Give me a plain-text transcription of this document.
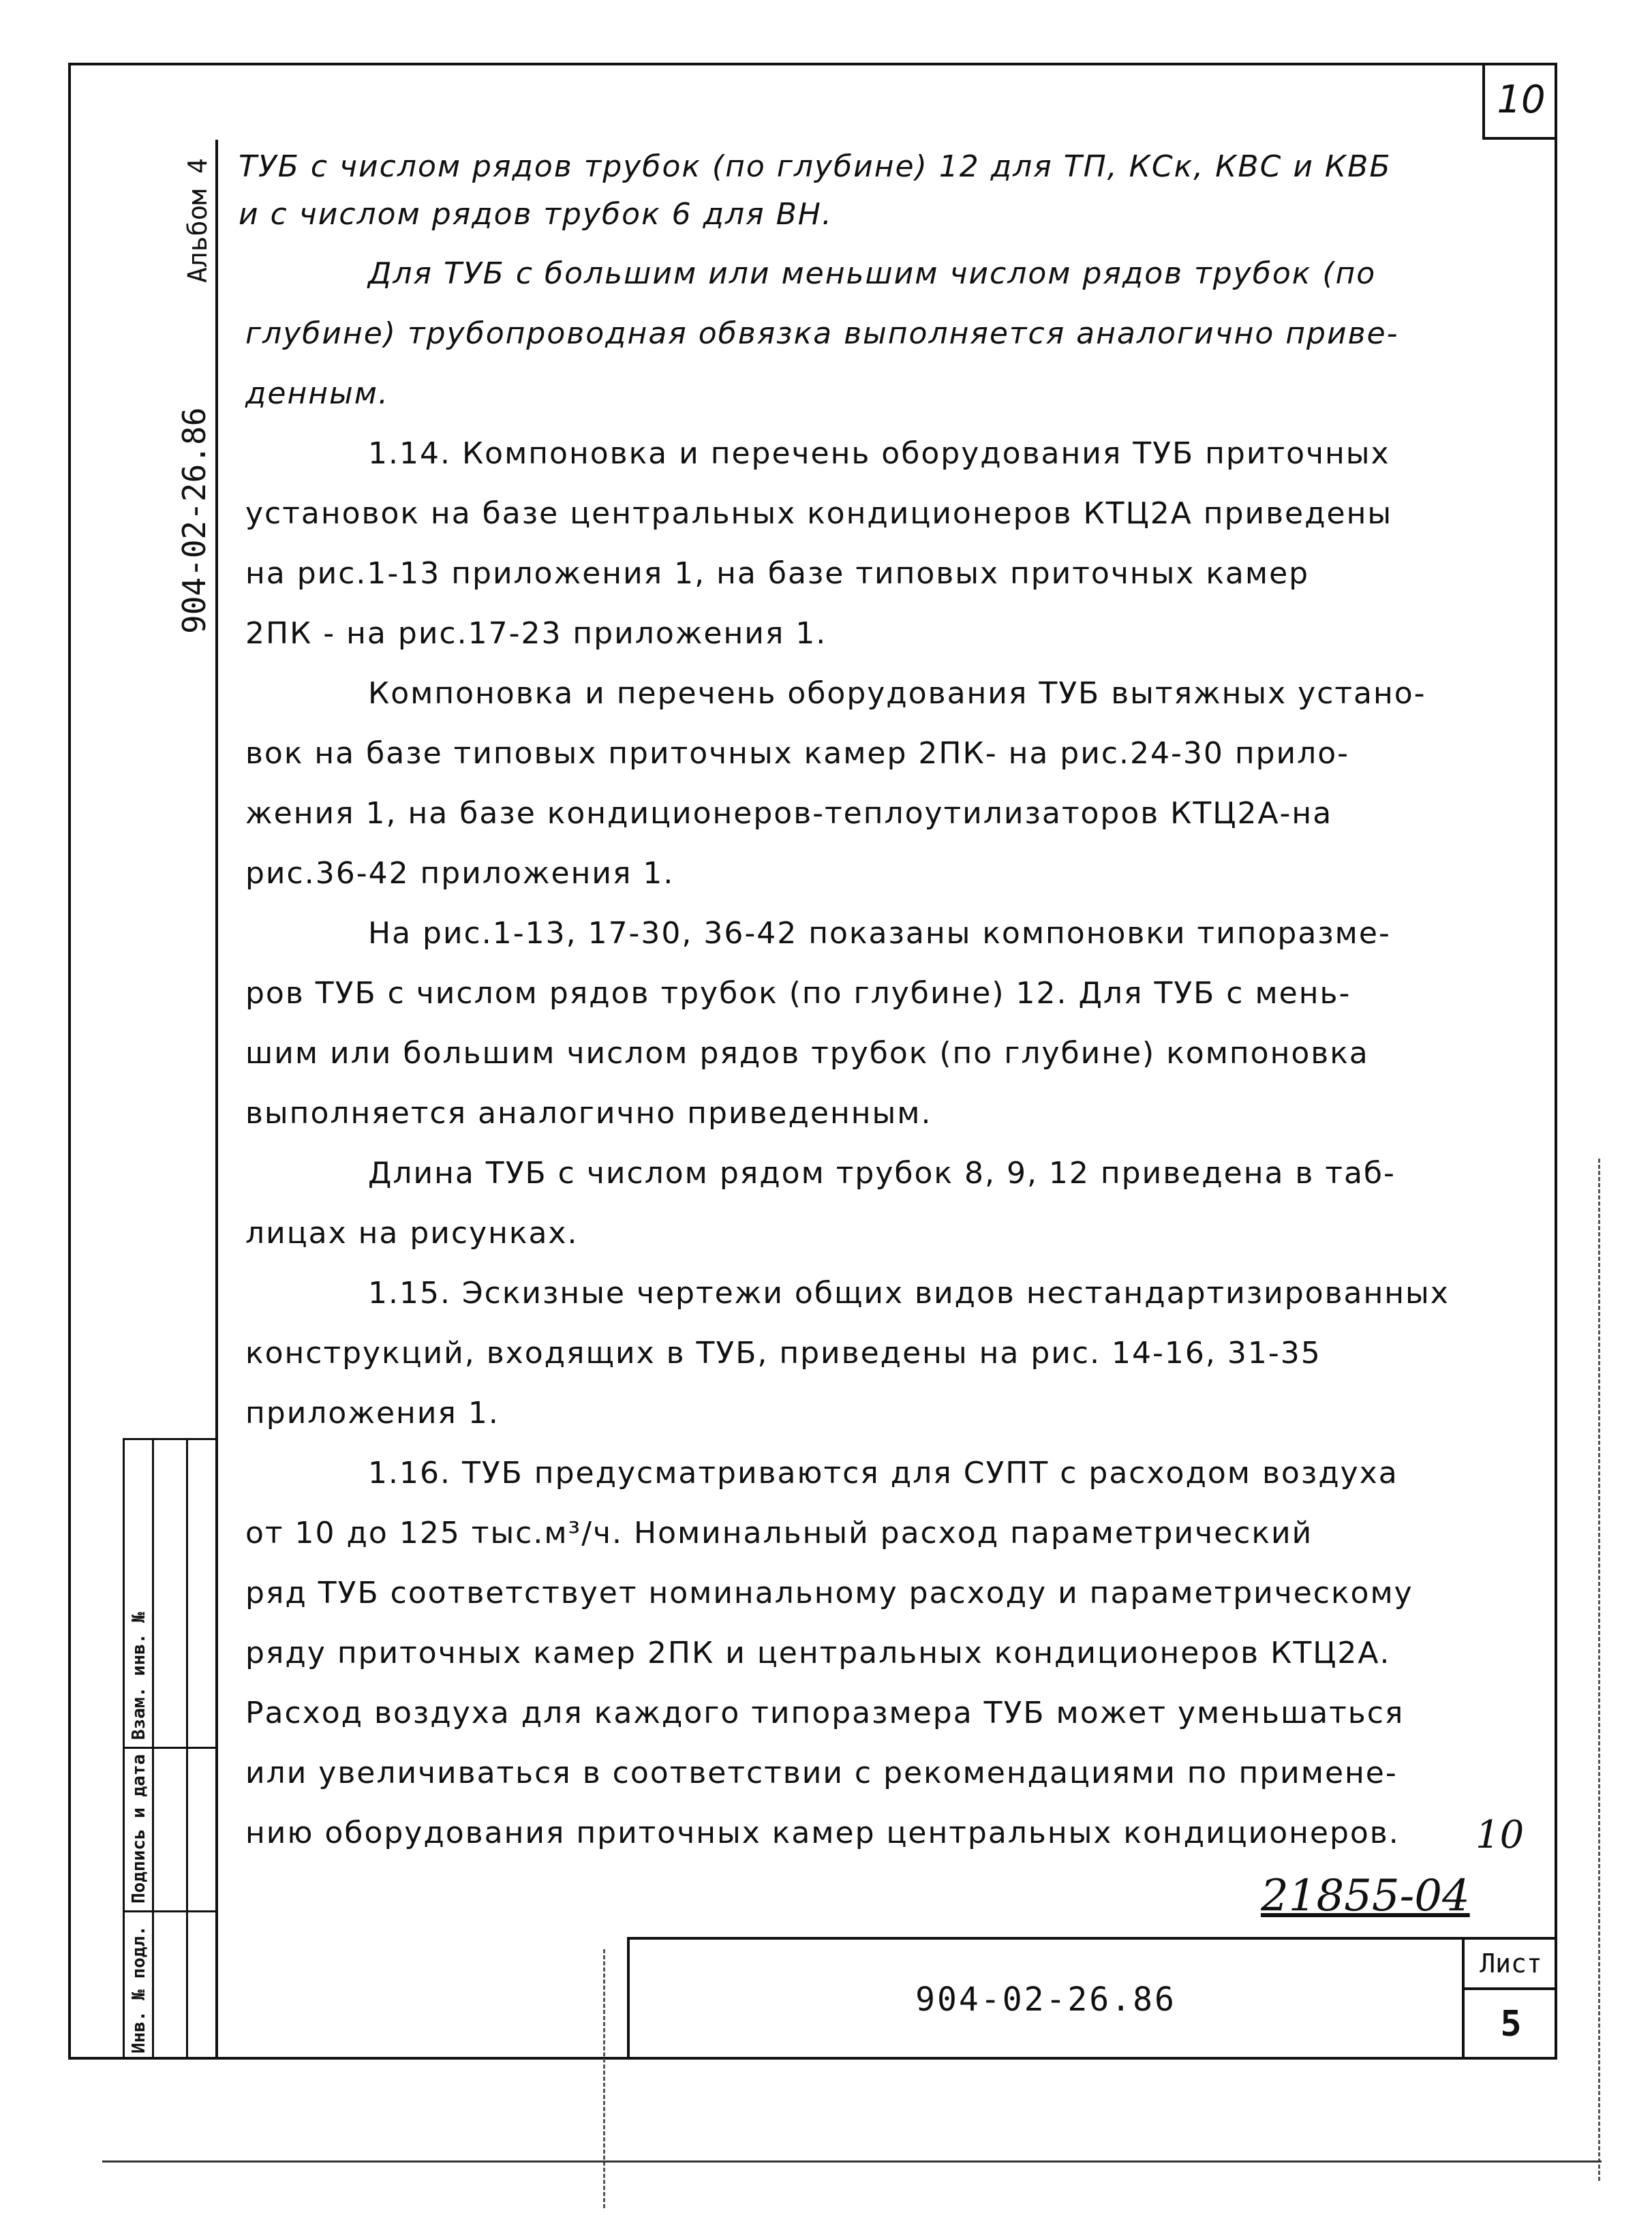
10
Альбом 4
904-02-26.86
Инв. № подл.
Подпись и дата
Взам. инв. №
ТУБ с числом рядов трубок (по глубине) 12 для ТП, КСк, КВС и КВБ
и с числом рядов трубок 6 для ВН.
Для ТУБ с большим или меньшим числом рядов трубок (по
глубине) трубопроводная обвязка выполняется аналогично приве-
денным.
1.14. Компоновка и перечень оборудования ТУБ приточных
установок на базе центральных кондиционеров КТЦ2А приведены
на рис.1-13 приложения 1, на базе типовых приточных камер
2ПК - на рис.17-23 приложения 1.
Компоновка и перечень оборудования ТУБ вытяжных устано-
вок на базе типовых приточных камер 2ПК- на рис.24-30 прило-
жения 1, на базе кондиционеров-теплоутилизаторов КТЦ2А-на
рис.36-42 приложения 1.
На рис.1-13, 17-30, 36-42 показаны компоновки типоразме-
ров ТУБ с числом рядов трубок (по глубине) 12. Для ТУБ с мень-
шим или большим числом рядов трубок (по глубине) компоновка
выполняется аналогично приведенным.
Длина ТУБ с числом рядом трубок 8, 9, 12 приведена в таб-
лицах на рисунках.
1.15. Эскизные чертежи общих видов нестандартизированных
конструкций, входящих в ТУБ, приведены на рис. 14-16, 31-35
приложения 1.
1.16. ТУБ предусматриваются для СУПТ с расходом воздуха
от 10 до 125 тыс.м³/ч. Номинальный расход параметрический
ряд ТУБ соответствует номинальному расходу и параметрическому
ряду приточных камер 2ПК и центральных кондиционеров КТЦ2А.
Расход воздуха для каждого типоразмера ТУБ может уменьшаться
или увеличиваться в соответствии с рекомендациями по примене-
нию оборудования приточных камер центральных кондиционеров.	10
21855-04
904-02-26.86
Лист
5
